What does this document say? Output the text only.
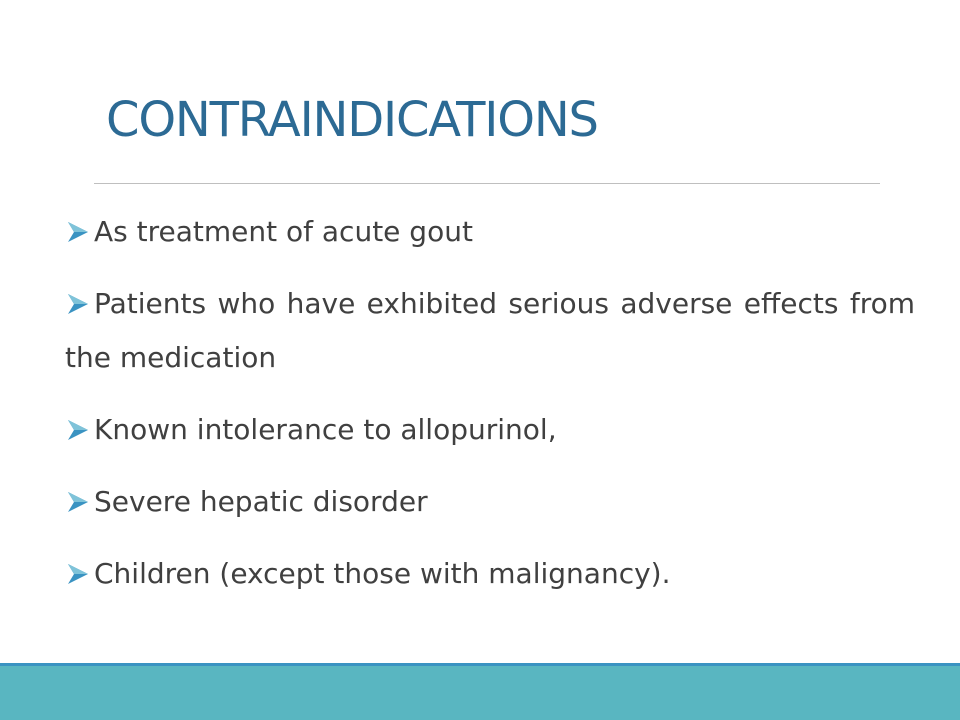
CONTRAINDICATIONS
As treatment of acute gout
Patients who have exhibited serious adverse effects from the medication
Known intolerance to allopurinol,
Severe hepatic disorder
Children (except those with malignancy).
